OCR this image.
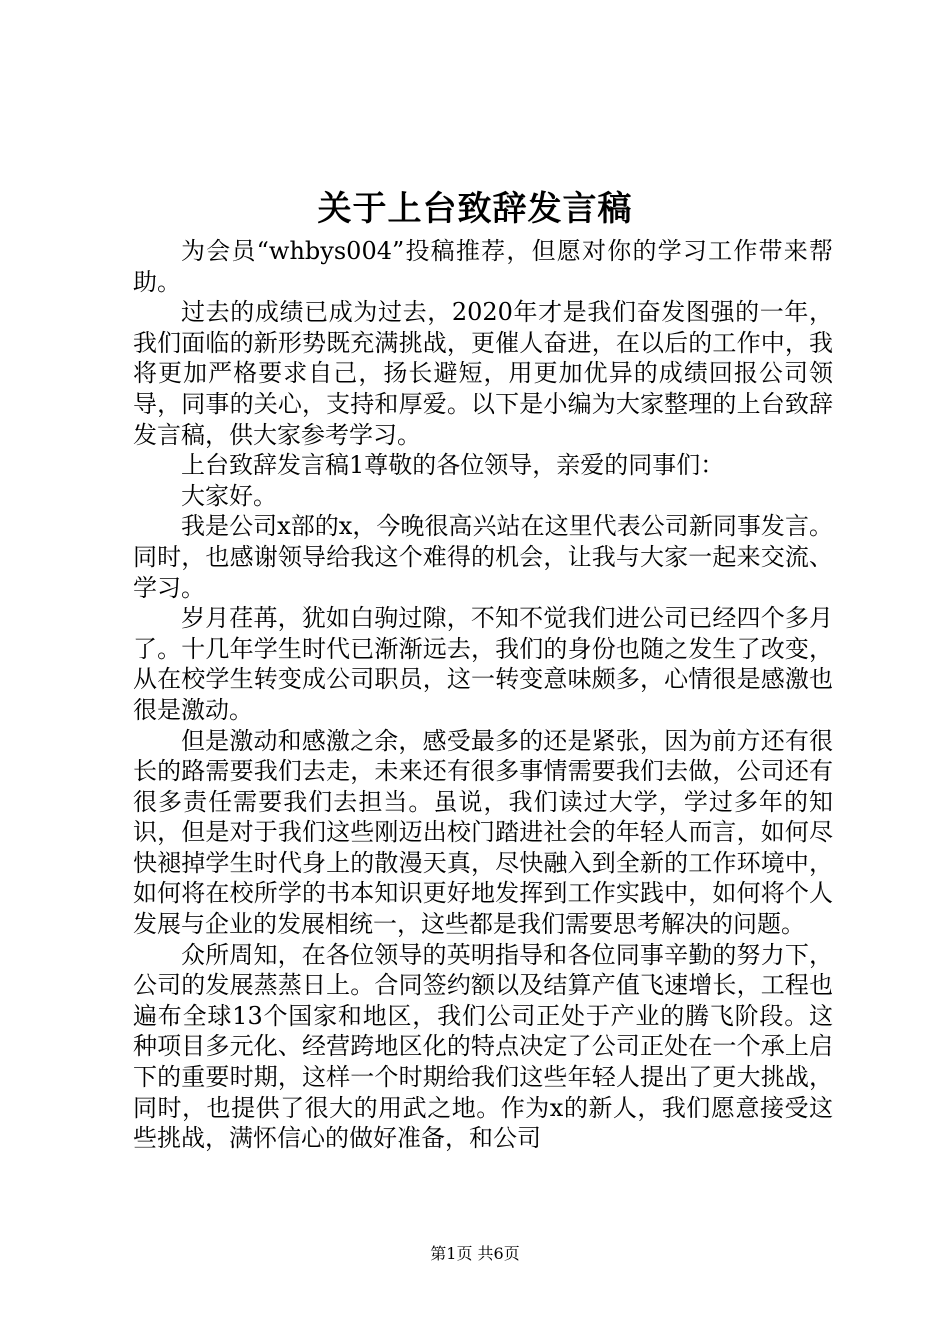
关于上台致辞发言稿

为会员“whbys004”投稿推荐，但愿对你的学习工作带来帮助。

过去的成绩已成为过去，2020年才是我们奋发图强的一年，我们面临的新形势既充满挑战，更催人奋进，在以后的工作中，我将更加严格要求自己，扬长避短，用更加优异的成绩回报公司领导，同事的关心，支持和厚爱。以下是小编为大家整理的上台致辞发言稿，供大家参考学习。

上台致辞发言稿1尊敬的各位领导，亲爱的同事们：

大家好。

我是公司x部的x，今晚很高兴站在这里代表公司新同事发言。同时，也感谢领导给我这个难得的机会，让我与大家一起来交流、学习。

岁月荏苒，犹如白驹过隙，不知不觉我们进公司已经四个多月了。十几年学生时代已渐渐远去，我们的身份也随之发生了改变，从在校学生转变成公司职员，这一转变意味颇多，心情很是感激也很是激动。

但是激动和感激之余，感受最多的还是紧张，因为前方还有很长的路需要我们去走，未来还有很多事情需要我们去做，公司还有很多责任需要我们去担当。虽说，我们读过大学，学过多年的知识，但是对于我们这些刚迈出校门踏进社会的年轻人而言，如何尽快褪掉学生时代身上的散漫天真，尽快融入到全新的工作环境中，如何将在校所学的书本知识更好地发挥到工作实践中，如何将个人发展与企业的发展相统一，这些都是我们需要思考解决的问题。

众所周知，在各位领导的英明指导和各位同事辛勤的努力下，公司的发展蒸蒸日上。合同签约额以及结算产值飞速增长，工程也遍布全球13个国家和地区，我们公司正处于产业的腾飞阶段。这种项目多元化、经营跨地区化的特点决定了公司正处在一个承上启下的重要时期，这样一个时期给我们这些年轻人提出了更大挑战，同时，也提供了很大的用武之地。作为x的新人，我们愿意接受这些挑战，满怀信心的做好准备，和公司

第1页 共6页
